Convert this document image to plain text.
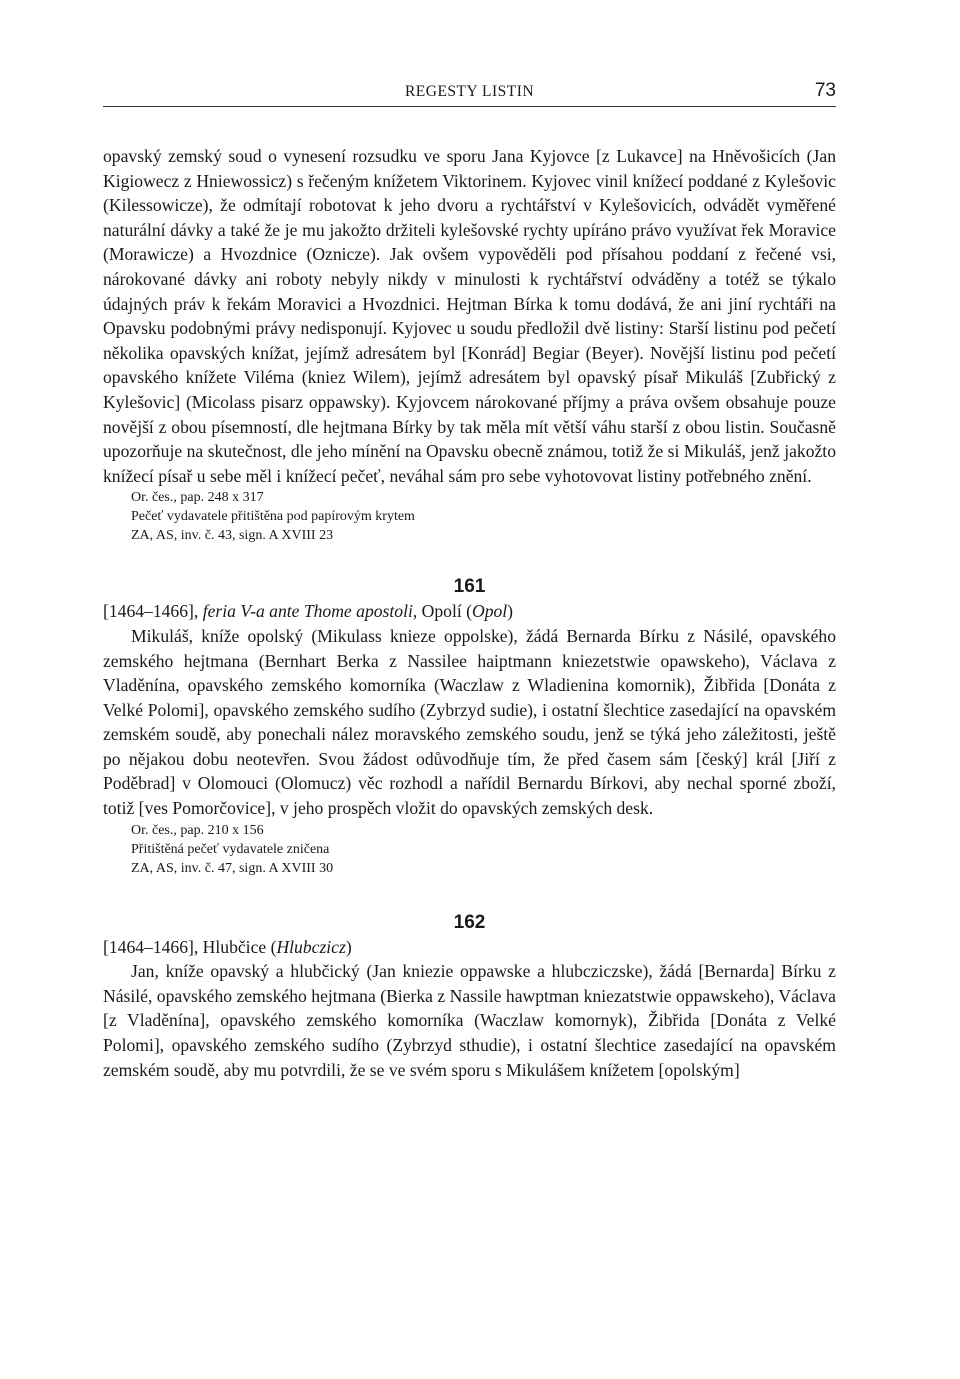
REGESTY LISTIN	73

opavský zemský soud o vynesení rozsudku ve sporu Jana Kyjovce [z Lukavce] na Hněvošicích (Jan Kigiowecz z Hniewossicz) s řečeným knížetem Viktorinem. Kyjovec vinil knížecí poddané z Kylešovic (Kilessowicze), že odmítají robotovat k jeho dvoru a rychtářství v Kylešovicích, odvádět vyměřené naturální dávky a také že je mu jakožto držiteli kylešovské rychty upíráno právo využívat řek Moravice (Morawicze) a Hvozdnice (Oznicze). Jak ovšem vypověděli pod přísahou poddaní z řečené vsi, nárokované dávky ani roboty nebyly nikdy v minulosti k rychtářství odváděny a totéž se týkalo údajných práv k řekám Moravici a Hvozdnici. Hejtman Bírka k tomu dodává, že ani jiní rychtáři na Opavsku podobnými právy nedisponují. Kyjovec u soudu předložil dvě listiny: Starší listinu pod pečetí několika opavských knížat, jejímž adresátem byl [Konrád] Begiar (Beyer). Novější listinu pod pečetí opavského knížete Viléma (kniez Wilem), jejímž adresátem byl opavský písař Mikuláš [Zubřický z Kylešovic] (Micolass pisarz oppawsky). Kyjovcem nárokované příjmy a práva ovšem obsahuje pouze novější z obou písemností, dle hejtmana Bírky by tak měla mít větší váhu starší z obou listin. Současně upozorňuje na skutečnost, dle jeho mínění na Opavsku obecně známou, totiž že si Mikuláš, jenž jakožto knížecí písař u sebe měl i knížecí pečeť, neváhal sám pro sebe vyhotovovat listiny potřebného znění.

Or. čes., pap. 248 x 317

Pečeť vydavatele přitištěna pod papírovým krytem

ZA, AS, inv. č. 43, sign. A XVIII 23

161

[1464–1466], feria V-a ante Thome apostoli, Opolí (Opol)

Mikuláš, kníže opolský (Mikulass knieze oppolske), žádá Bernarda Bírku z Násilé, opavského zemského hejtmana (Bernhart Berka z Nassilee haiptmann kniezetstwie opawskeho), Václava z Vladěnína, opavského zemského komorníka (Waczlaw z Wladienina komornik), Žibřida [Donáta z Velké Polomi], opavského zemského sudího (Zybrzyd sudie), i ostatní šlechtice zasedající na opavském zemském soudě, aby ponechali nález moravského zemského soudu, jenž se týká jeho záležitosti, ještě po nějakou dobu neotevřen. Svou žádost odůvodňuje tím, že před časem sám [český] král [Jiří z Poděbrad] v Olomouci (Olomucz) věc rozhodl a nařídil Bernardu Bírkovi, aby nechal sporné zboží, totiž [ves Pomorčovice], v jeho prospěch vložit do opavských zemských desk.

Or. čes., pap. 210 x 156

Přitištěná pečeť vydavatele zničena

ZA, AS, inv. č. 47, sign. A XVIII 30

162

[1464–1466], Hlubčice (Hlubczicz)

Jan, kníže opavský a hlubčický (Jan kniezie oppawske a hlubcziczske), žádá [Bernarda] Bírku z Násilé, opavského zemského hejtmana (Bierka z Nassile hawptman kniezatstwie oppawskeho), Václava [z Vladěnína], opavského zemského komorníka (Waczlaw komornyk), Žibřida [Donáta z Velké Polomi], opavského zemského sudího (Zybrzyd sthudie), i ostatní šlechtice zasedající na opavském zemském soudě, aby mu potvrdili, že se ve svém sporu s Mikulášem knížetem [opolským]
